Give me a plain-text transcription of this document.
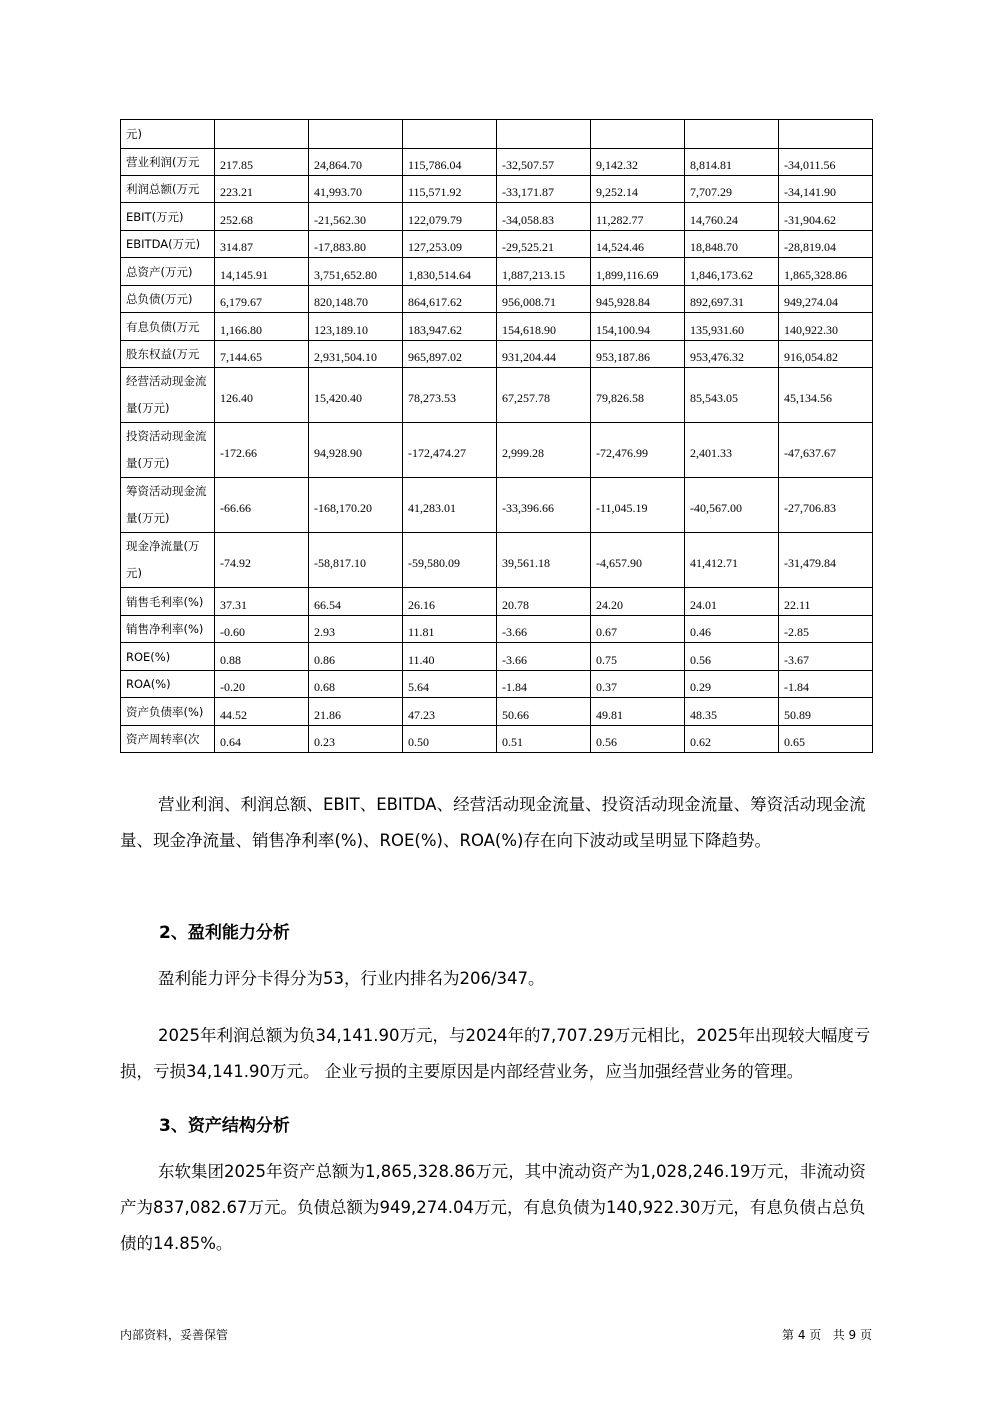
元)							
营业利润(万元	217.85	24,864.70	115,786.04	-32,507.57	9,142.32	8,814.81	-34,011.56
利润总额(万元	223.21	41,993.70	115,571.92	-33,171.87	9,252.14	7,707.29	-34,141.90
EBIT(万元)	252.68	-21,562.30	122,079.79	-34,058.83	11,282.77	14,760.24	-31,904.62
EBITDA(万元)	314.87	-17,883.80	127,253.09	-29,525.21	14,524.46	18,848.70	-28,819.04
总资产(万元)	14,145.91	3,751,652.80	1,830,514.64	1,887,213.15	1,899,116.69	1,846,173.62	1,865,328.86
总负债(万元)	6,179.67	820,148.70	864,617.62	956,008.71	945,928.84	892,697.31	949,274.04
有息负债(万元	1,166.80	123,189.10	183,947.62	154,618.90	154,100.94	135,931.60	140,922.30
股东权益(万元	7,144.65	2,931,504.10	965,897.02	931,204.44	953,187.86	953,476.32	916,054.82
经营活动现金流量(万元)	126.40	15,420.40	78,273.53	67,257.78	79,826.58	85,543.05	45,134.56
投资活动现金流量(万元)	-172.66	94,928.90	-172,474.27	2,999.28	-72,476.99	2,401.33	-47,637.67
筹资活动现金流量(万元)	-66.66	-168,170.20	41,283.01	-33,396.66	-11,045.19	-40,567.00	-27,706.83
现金净流量(万元)	-74.92	-58,817.10	-59,580.09	39,561.18	-4,657.90	41,412.71	-31,479.84
销售毛利率(%)	37.31	66.54	26.16	20.78	24.20	24.01	22.11
销售净利率(%)	-0.60	2.93	11.81	-3.66	0.67	0.46	-2.85
ROE(%)	0.88	0.86	11.40	-3.66	0.75	0.56	-3.67
ROA(%)	-0.20	0.68	5.64	-1.84	0.37	0.29	-1.84
资产负债率(%)	44.52	21.86	47.23	50.66	49.81	48.35	50.89
资产周转率(次	0.64	0.23	0.50	0.51	0.56	0.62	0.65
营业利润、利润总额、EBIT、EBITDA、经营活动现金流量、投资活动现金流量、筹资活动现金流量、现金净流量、销售净利率(%)、ROE(%)、ROA(%)存在向下波动或呈明显下降趋势。
2、盈利能力分析
盈利能力评分卡得分为53，行业内排名为206/347。
2025年利润总额为负34,141.90万元，与2024年的7,707.29万元相比，2025年出现较大幅度亏损，亏损34,141.90万元。 企业亏损的主要原因是内部经营业务，应当加强经营业务的管理。
3、资产结构分析
东软集团2025年资产总额为1,865,328.86万元，其中流动资产为1,028,246.19万元，非流动资产为837,082.67万元。负债总额为949,274.04万元，有息负债为140,922.30万元，有息负债占总负债的14.85%。
内部资料，妥善保管	第 4 页   共 9 页
